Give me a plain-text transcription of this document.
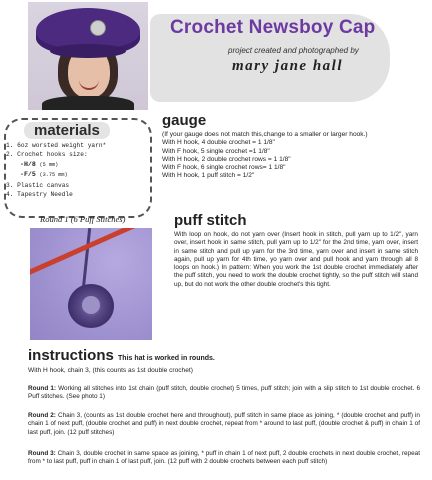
Crochet Newsboy Cap
project created and photographed by
mary jane hall
materials
1. 6oz worsted weight yarn*
2. Crochet hooks size:
-H/8 (5 mm)
-F/5 (3.75 mm)
3. Plastic canvas
4. Tapestry Needle
gauge
(If your gauge does not match this,change to a smaller or larger hook.)
With H hook, 4 double crochet = 1 1/8"
With F hook, 5 single crochet =1 1/8"
With H hook, 2 double crochet rows = 1 1/8"
With F hook, 6 single crochet rows= 1 1/8"
With H hook, 1 puff stitch = 1/2"
Round 1 (6 Puff Stitches)	puff stitch

With loop on hook, do not yarn over (Insert hook in stitch, pull yarn up to 1/2", yarn over, insert hook in same stitch, pull yarn up to 1/2" for the 2nd time, yarn over, insert in same stitch and pull up yarn for the 3rd time, yarn over and insert in same stitch again, pull up yarn for 4th time, yo yarn over and pull hook and yarn through all 8 loops on hook.) In pattern: When you work the 1st double crochet immediately after the puff stitch, you need to work the double crochet tightly, so the puff stitch will stand up, but do not work the other double crochet's this tight.

instructions This hat is worked in rounds.
With H hook, chain 3, (this counts as 1st double crochet)

Round 1: Working all stitches into 1st chain (puff stitch, double crochet) 5 times, puff stitch; join with a slip stitch to 1st double crochet. 6 Puff stitches. (See photo 1)

Round 2: Chain 3, (counts as 1st double crochet here and throughout), puff stitch in same place as joining, * (double crochet and puff) in chain 1 of next puff, (double crochet and puff) in next double crochet, repeat from * around to last puff, (double crochet & puff) in chain 1 of last puff, join. (12 puff stitches)

Round 3: Chain 3, double crochet in same space as joining, * puff in chain 1 of next puff, 2 double crochets in next double crochet, repeat from * to last puff, puff in chain 1 of last puff, join. (12 puff with 2 double crochets between each puff stitch)
